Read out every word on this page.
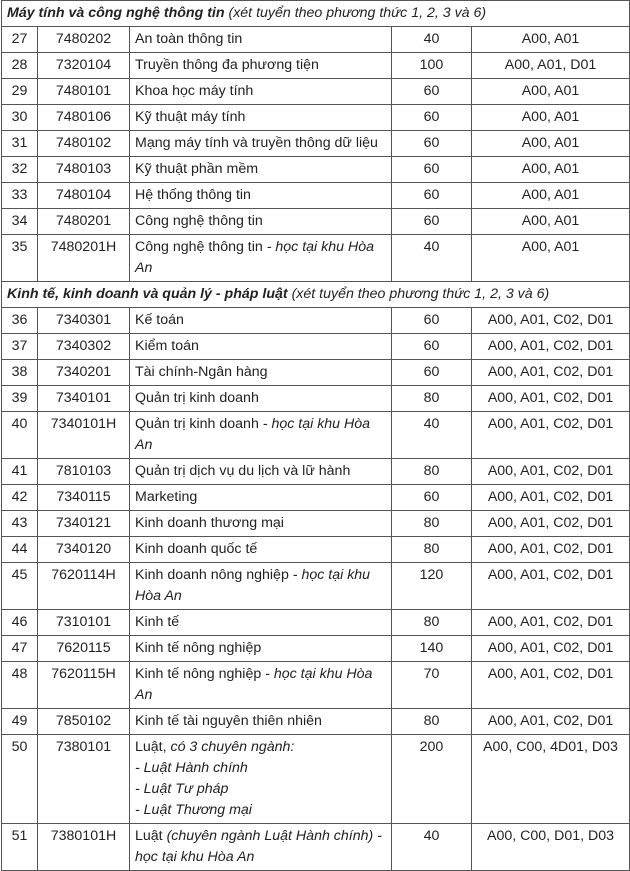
Máy tính và công nghệ thông tin (xét tuyển theo phương thức 1, 2, 3 và 6)				
27	7480202	An toàn thông tin	40	A00, A01
28	7320104	Truyền thông đa phương tiện	100	A00, A01, D01
29	7480101	Khoa học máy tính	60	A00, A01
30	7480106	Kỹ thuật máy tính	60	A00, A01
31	7480102	Mạng máy tính và truyền thông dữ liệu	60	A00, A01
32	7480103	Kỹ thuật phần mềm	60	A00, A01
33	7480104	Hệ thống thông tin	60	A00, A01
34	7480201	Công nghệ thông tin	60	A00, A01
35	7480201H	Công nghệ thông tin - học tại khu Hòa An	40	A00, A01
Kinh tế, kinh doanh và quản lý - pháp luật (xét tuyển theo phương thức 1, 2, 3 và 6)				
36	7340301	Kế toán	60	A00, A01, C02, D01
37	7340302	Kiểm toán	60	A00, A01, C02, D01
38	7340201	Tài chính-Ngân hàng	60	A00, A01, C02, D01
39	7340101	Quản trị kinh doanh	80	A00, A01, C02, D01
40	7340101H	Quản trị kinh doanh - học tại khu Hòa An	40	A00, A01, C02, D01
41	7810103	Quản trị dịch vụ du lịch và lữ hành	80	A00, A01, C02, D01
42	7340115	Marketing	60	A00, A01, C02, D01
43	7340121	Kinh doanh thương mại	80	A00, A01, C02, D01
44	7340120	Kinh doanh quốc tế	80	A00, A01, C02, D01
45	7620114H	Kinh doanh nông nghiệp - học tại khu Hòa An	120	A00, A01, C02, D01
46	7310101	Kinh tế	80	A00, A01, C02, D01
47	7620115	Kinh tế nông nghiệp	140	A00, A01, C02, D01
48	7620115H	Kinh tế nông nghiệp - học tại khu Hòa An	70	A00, A01, C02, D01
49	7850102	Kinh tế tài nguyên thiên nhiên	80	A00, A01, C02, D01
50	7380101	Luật, có 3 chuyên ngành:
- Luật Hành chính
- Luật Tư pháp
- Luật Thương mại	200	A00, C00, 4D01, D03
51	7380101H	Luật (chuyên ngành Luật Hành chính) - học tại khu Hòa An	40	A00, C00, D01, D03
